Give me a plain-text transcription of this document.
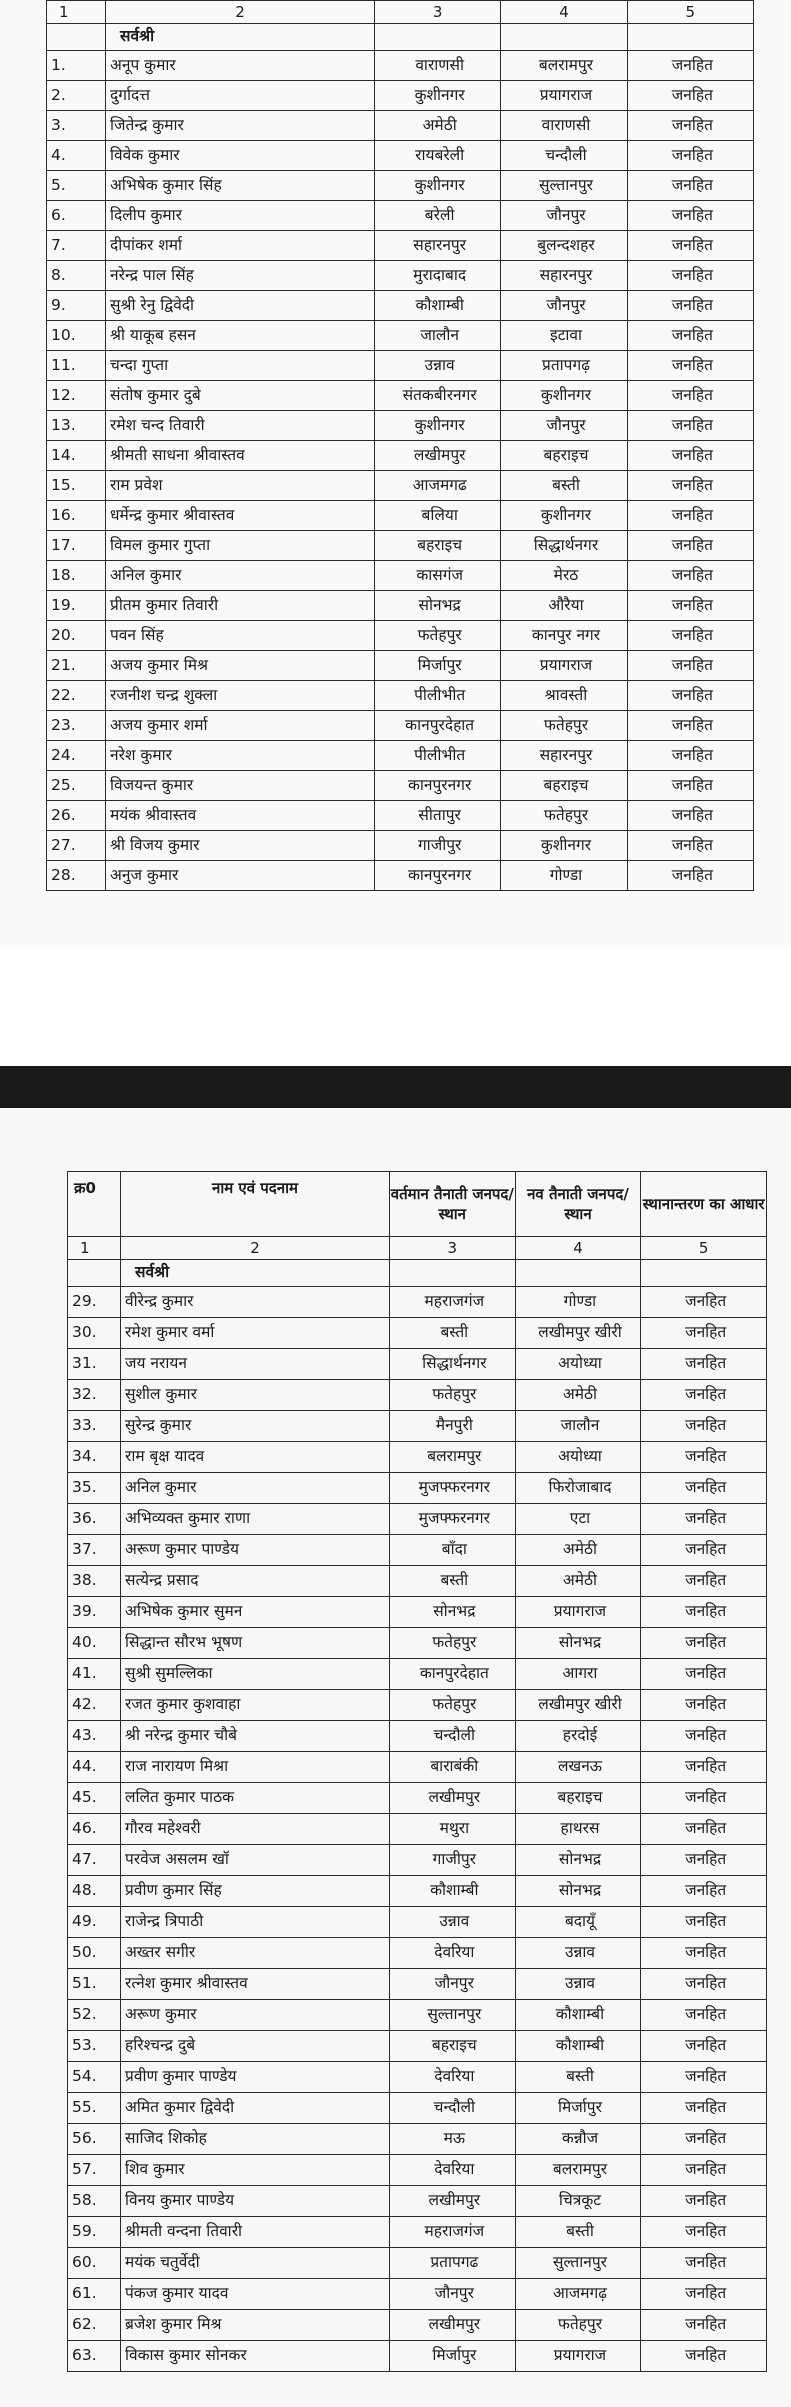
1	2	3	4	5
	सर्वश्री			
1.	अनूप कुमार	वाराणसी	बलरामपुर	जनहित
2.	दुर्गादत्त	कुशीनगर	प्रयागराज	जनहित
3.	जितेन्द्र कुमार	अमेठी	वाराणसी	जनहित
4.	विवेक कुमार	रायबरेली	चन्दौली	जनहित
5.	अभिषेक कुमार सिंह	कुशीनगर	सुल्तानपुर	जनहित
6.	दिलीप कुमार	बरेली	जौनपुर	जनहित
7.	दीपांकर शर्मा	सहारनपुर	बुलन्दशहर	जनहित
8.	नरेन्द्र पाल सिंह	मुरादाबाद	सहारनपुर	जनहित
9.	सुश्री रेनु द्विवेदी	कौशाम्बी	जौनपुर	जनहित
10.	श्री याकूब हसन	जालौन	इटावा	जनहित
11.	चन्दा गुप्ता	उन्नाव	प्रतापगढ़	जनहित
12.	संतोष कुमार दुबे	संतकबीरनगर	कुशीनगर	जनहित
13.	रमेश चन्द तिवारी	कुशीनगर	जौनपुर	जनहित
14.	श्रीमती साधना श्रीवास्तव	लखीमपुर	बहराइच	जनहित
15.	राम प्रवेश	आजमगढ	बस्ती	जनहित
16.	धर्मेन्द्र कुमार श्रीवास्तव	बलिया	कुशीनगर	जनहित
17.	विमल कुमार गुप्ता	बहराइच	सिद्धार्थनगर	जनहित
18.	अनिल कुमार	कासगंज	मेरठ	जनहित
19.	प्रीतम कुमार तिवारी	सोनभद्र	औरैया	जनहित
20.	पवन सिंह	फतेहपुर	कानपुर नगर	जनहित
21.	अजय कुमार मिश्र	मिर्जापुर	प्रयागराज	जनहित
22.	रजनीश चन्द्र शुक्ला	पीलीभीत	श्रावस्ती	जनहित
23.	अजय कुमार शर्मा	कानपुरदेहात	फतेहपुर	जनहित
24.	नरेश कुमार	पीलीभीत	सहारनपुर	जनहित
25.	विजयन्त कुमार	कानपुरनगर	बहराइच	जनहित
26.	मयंक श्रीवास्तव	सीतापुर	फतेहपुर	जनहित
27.	श्री विजय कुमार	गाजीपुर	कुशीनगर	जनहित
28.	अनुज कुमार	कानपुरनगर	गोण्डा	जनहित
क्र0	नाम एवं पदनाम	वर्तमान तैनाती जनपद/ स्थान	नव तैनाती जनपद/स्थान	स्थानान्तरण का आधार
1	2	3	4	5
	सर्वश्री			
29.	वीरेन्द्र कुमार	महराजगंज	गोण्डा	जनहित
30.	रमेश कुमार वर्मा	बस्ती	लखीमपुर खीरी	जनहित
31.	जय नरायन	सिद्धार्थनगर	अयोध्या	जनहित
32.	सुशील कुमार	फतेहपुर	अमेठी	जनहित
33.	सुरेन्द्र कुमार	मैनपुरी	जालौन	जनहित
34.	राम बृक्ष यादव	बलरामपुर	अयोध्या	जनहित
35.	अनिल कुमार	मुजफ्फरनगर	फिरोजाबाद	जनहित
36.	अभिव्यक्त कुमार राणा	मुजफ्फरनगर	एटा	जनहित
37.	अरूण कुमार पाण्डेय	बाँदा	अमेठी	जनहित
38.	सत्येन्द्र प्रसाद	बस्ती	अमेठी	जनहित
39.	अभिषेक कुमार सुमन	सोनभद्र	प्रयागराज	जनहित
40.	सिद्धान्त सौरभ भूषण	फतेहपुर	सोनभद्र	जनहित
41.	सुश्री सुमल्लिका	कानपुरदेहात	आगरा	जनहित
42.	रजत कुमार कुशवाहा	फतेहपुर	लखीमपुर खीरी	जनहित
43.	श्री नरेन्द्र कुमार चौबे	चन्दौली	हरदोई	जनहित
44.	राज नारायण मिश्रा	बाराबंकी	लखनऊ	जनहित
45.	ललित कुमार पाठक	लखीमपुर	बहराइच	जनहित
46.	गौरव महेश्वरी	मथुरा	हाथरस	जनहित
47.	परवेज असलम खॉ	गाजीपुर	सोनभद्र	जनहित
48.	प्रवीण कुमार सिंह	कौशाम्बी	सोनभद्र	जनहित
49.	राजेन्द्र त्रिपाठी	उन्नाव	बदायूँ	जनहित
50.	अख्तर सगीर	देवरिया	उन्नाव	जनहित
51.	रत्नेश कुमार श्रीवास्तव	जौनपुर	उन्नाव	जनहित
52.	अरूण कुमार	सुल्तानपुर	कौशाम्बी	जनहित
53.	हरिश्चन्द्र दुबे	बहराइच	कौशाम्बी	जनहित
54.	प्रवीण कुमार पाण्डेय	देवरिया	बस्ती	जनहित
55.	अमित कुमार द्विवेदी	चन्दौली	मिर्जापुर	जनहित
56.	साजिद शिकोह	मऊ	कन्नौज	जनहित
57.	शिव कुमार	देवरिया	बलरामपुर	जनहित
58.	विनय कुमार पाण्डेय	लखीमपुर	चित्रकूट	जनहित
59.	श्रीमती वन्दना तिवारी	महराजगंज	बस्ती	जनहित
60.	मयंक चतुर्वेदी	प्रतापगढ	सुल्तानपुर	जनहित
61.	पंकज कुमार यादव	जौनपुर	आजमगढ़	जनहित
62.	ब्रजेश कुमार मिश्र	लखीमपुर	फतेहपुर	जनहित
63.	विकास कुमार सोनकर	मिर्जापुर	प्रयागराज	जनहित
